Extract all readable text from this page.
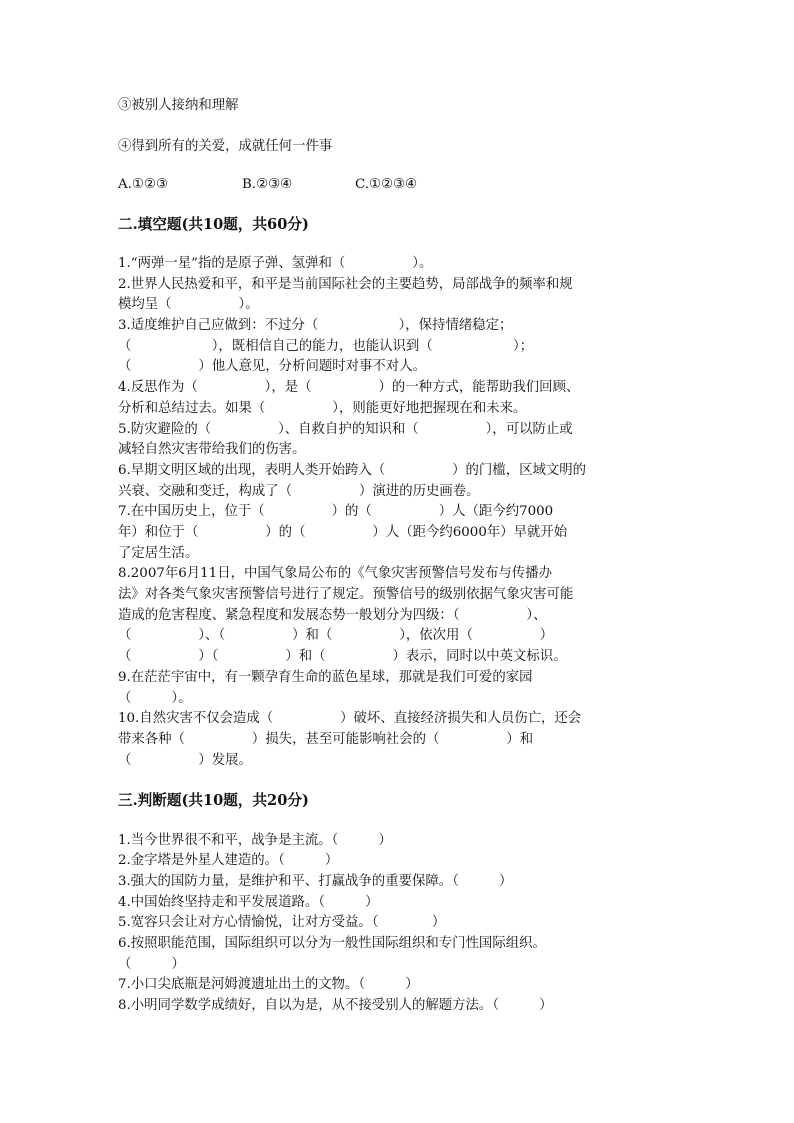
③被别人接纳和理解
④得到所有的关爱，成就任何一件事
A.①②③	B.②③④	C.①②③④
二.填空题(共10题，共60分)
1.“两弹一星”指的是原子弹、氢弹和（　　　　　）。
2.世界人民热爱和平，和平是当前国际社会的主要趋势，局部战争的频率和规
模均呈（　　　　　）。
3.适度维护自己应做到：不过分（　　　　　　），保持情绪稳定；
（　　　　　　），既相信自己的能力，也能认识到（　　　　　　）；
（　　　　　）他人意见，分析问题时对事不对人。
4.反思作为（　　　　　），是（　　　　　）的一种方式，能帮助我们回顾、
分析和总结过去。如果（　　　　　），则能更好地把握现在和未来。
5.防灾避险的（　　　　　）、自救自护的知识和（　　　　　），可以防止或
减轻自然灾害带给我们的伤害。
6.早期文明区域的出现，表明人类开始跨入（　　　　　）的门槛，区域文明的
兴衰、交融和变迁，构成了（　　　　　）演进的历史画卷。
7.在中国历史上，位于（　　　　　）的（　　　　　）人（距今约7000
年）和位于（　　　　　）的（　　　　　）人（距今约6000年）早就开始
了定居生活。
8.2007年6月11日，中国气象局公布的《气象灾害预警信号发布与传播办
法》对各类气象灾害预警信号进行了规定。预警信号的级别依据气象灾害可能
造成的危害程度、紧急程度和发展态势一般划分为四级：（　　　　　）、
（　　　　　）、（　　　　　）和（　　　　　），依次用（　　　　　）
（　　　　　）（　　　　　）和（　　　　　）表示，同时以中英文标识。
9.在茫茫宇宙中，有一颗孕育生命的蓝色星球，那就是我们可爱的家园
（　　　）。
10.自然灾害不仅会造成（　　　　　）破坏、直接经济损失和人员伤亡，还会
带来各种（　　　　　）损失，甚至可能影响社会的（　　　　　）和
（　　　　　）发展。
三.判断题(共10题，共20分)
1.当今世界很不和平，战争是主流。（　　　）
2.金字塔是外星人建造的。（　　　）
3.强大的国防力量，是维护和平、打赢战争的重要保障。（　　　）
4.中国始终坚持走和平发展道路。（　　　）
5.宽容只会让对方心情愉悦，让对方受益。（　　　　）
6.按照职能范围，国际组织可以分为一般性国际组织和专门性国际组织。
（　　　）
7.小口尖底瓶是河姆渡遗址出土的文物。（　　　）
8.小明同学数学成绩好，自以为是，从不接受别人的解题方法。（　　　）
